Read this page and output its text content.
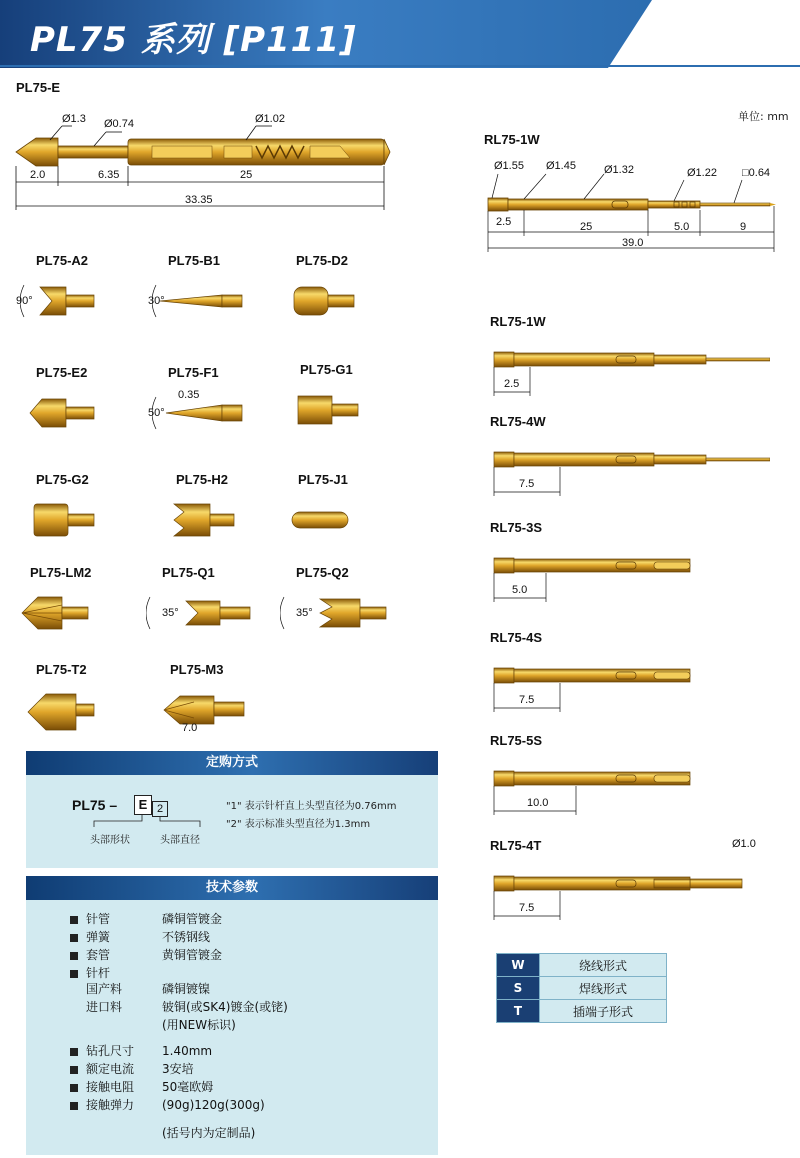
PL75 系列 [P111]
单位: mm
PL75-E
Ø1.3 Ø0.74	Ø1.02
2.0	6.35	25
33.35
PL75-A2
90°
PL75-B1
30°
PL75-D2
PL75-E2	PL75-F1
50°
0.35
PL75-G1
PL75-G2	PL75-H2	PL75-J1
PL75-LM2	PL75-Q1
35°
PL75-Q2
35°
PL75-T2	PL75-M3
7.0
RL75-1W
Ø1.55 Ø1.45	Ø1.32	Ø1.22 □0.64
2.5	25	5.0	9
39.0
RL75-1W
2.5
RL75-4W
7.5
RL75-3S
5.0
RL75-4S
7.5
RL75-5S
10.0
RL75-4T
7.5
Ø1.0
定购方式
PL75 –	E 2
头部形状	头部直径
"1" 表示针杆直上头型直径为0.76mm
"2" 表示标准头型直径为1.3mm
技术参数
针管	磷铜管镀金
弹簧	不锈钢线
套管	黄铜管镀金
针杆
国产料	磷铜镀镍
进口料	铍铜(或SK4)镀金(或铑)
(用NEW标识)
钻孔尺寸 1.40mm
额定电流 3安培
接触电阻 50毫欧姆
接触弹力 (90g)120g(300g)
(括号内为定制品)
W	绕线形式
S	焊线形式
T	插端子形式
